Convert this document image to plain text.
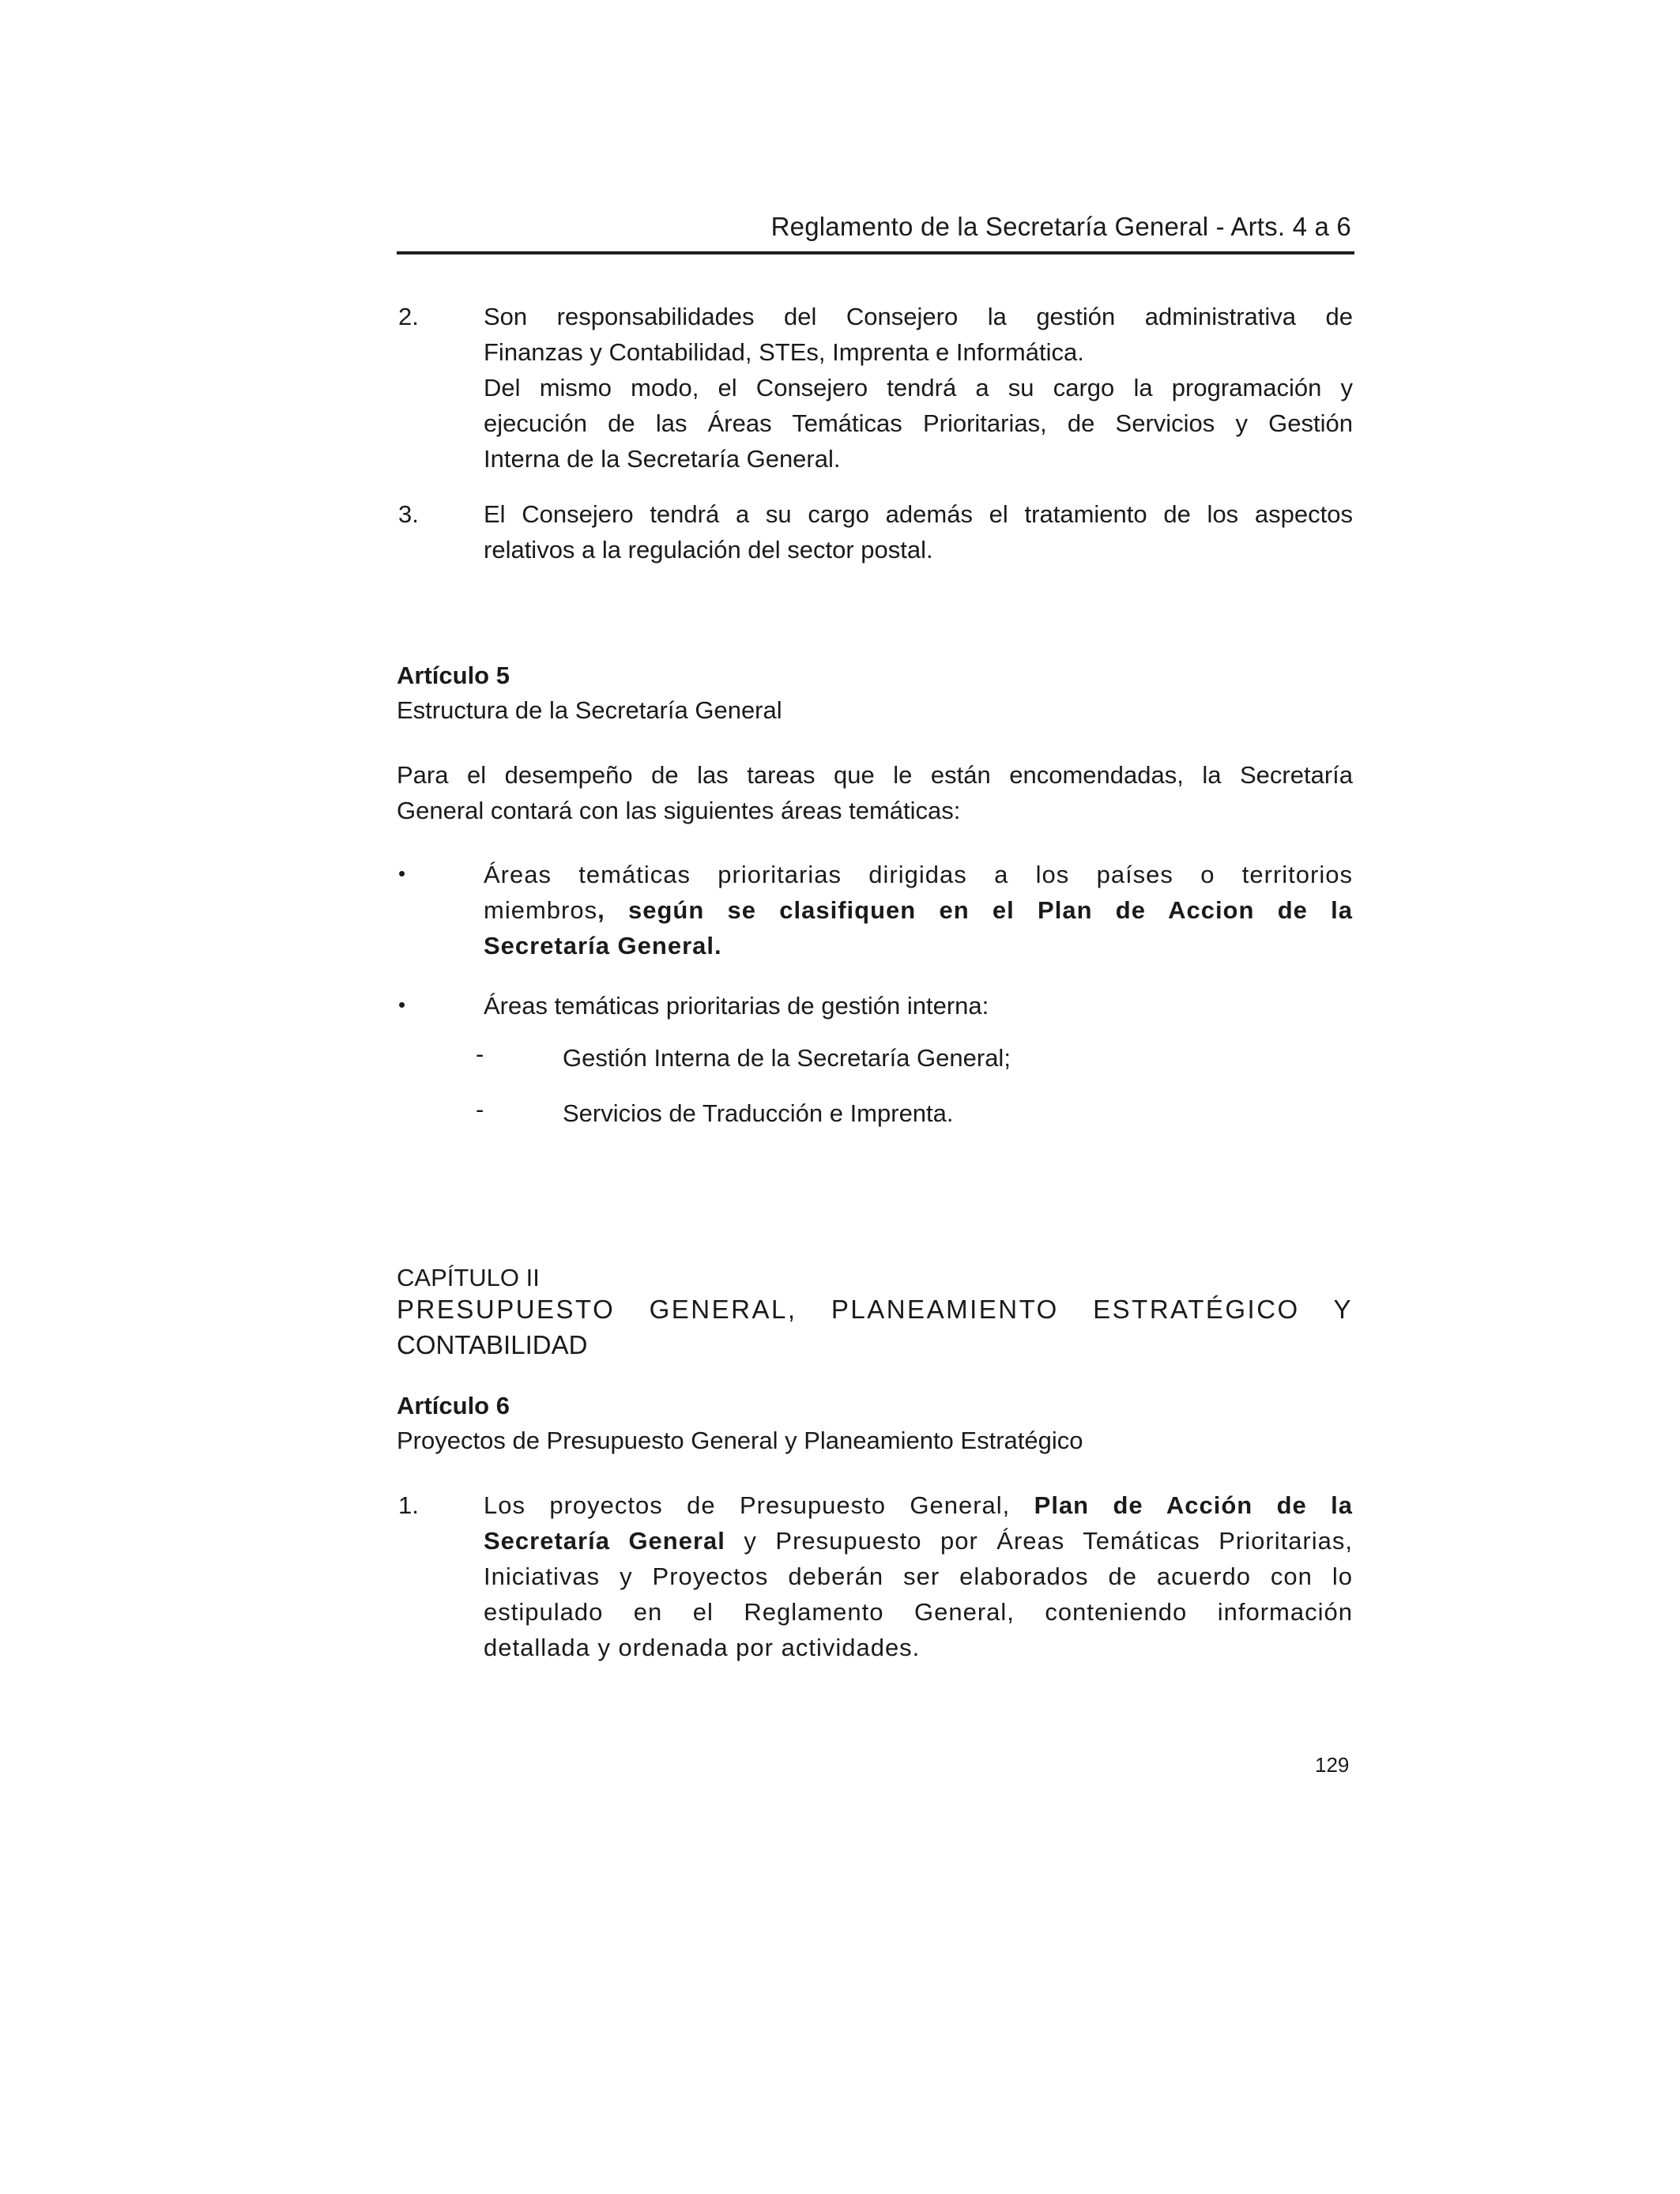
Reglamento de la Secretaría General - Arts. 4 a 6
2.	Son responsabilidades del Consejero la gestión administrativa de
Finanzas y Contabilidad, STEs, Imprenta e Informática.
Del mismo modo, el Consejero tendrá a su cargo la programación y
ejecución de las Áreas Temáticas Prioritarias, de Servicios y Gestión
Interna de la Secretaría General.
3.	El Consejero tendrá a su cargo además el tratamiento de los aspectos
relativos a la regulación del sector postal.
Artículo 5
Estructura de la Secretaría General
Para el desempeño de las tareas que le están encomendadas, la Secretaría
General contará con las siguientes áreas temáticas:
•	Áreas temáticas prioritarias dirigidas a los países o territorios
miembros, según se clasifiquen en el Plan de Accion de la
Secretaría General.
•	Áreas temáticas prioritarias de gestión interna:
-	Gestión Interna de la Secretaría General;
-	Servicios de Traducción e Imprenta.
CAPÍTULO II
PRESUPUESTO GENERAL, PLANEAMIENTO ESTRATÉGICO Y
CONTABILIDAD
Artículo 6
Proyectos de Presupuesto General y Planeamiento Estratégico
1.	Los proyectos de Presupuesto General, Plan de Acción de la
Secretaría General y Presupuesto por Áreas Temáticas Prioritarias,
Iniciativas y Proyectos deberán ser elaborados de acuerdo con lo
estipulado en el Reglamento General, conteniendo información
detallada y ordenada por actividades.
129
